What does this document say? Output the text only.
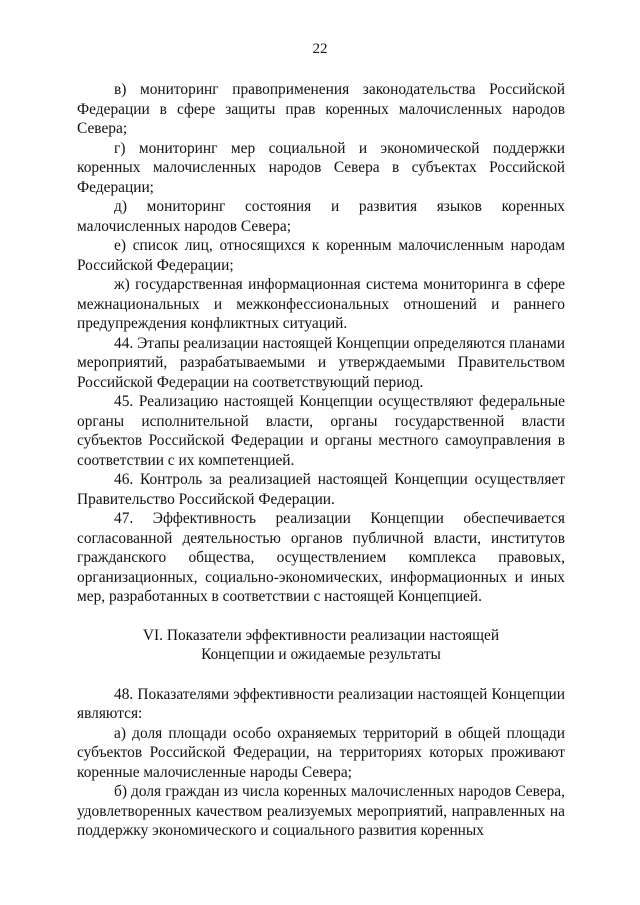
22

в) мониторинг правоприменения законодательства Российской Федерации в сфере защиты прав коренных малочисленных народов Севера;

г) мониторинг мер социальной и экономической поддержки коренных малочисленных народов Севера в субъектах Российской Федерации;

д) мониторинг состояния и развития языков коренных малочисленных народов Севера;

е) список лиц, относящихся к коренным малочисленным народам Российской Федерации;

ж) государственная информационная система мониторинга в сфере межнациональных и межконфессиональных отношений и раннего предупреждения конфликтных ситуаций.

44. Этапы реализации настоящей Концепции определяются планами мероприятий, разрабатываемыми и утверждаемыми Правительством Российской Федерации на соответствующий период.

45. Реализацию настоящей Концепции осуществляют федеральные органы исполнительной власти, органы государственной власти субъектов Российской Федерации и органы местного самоуправления в соответствии с их компетенцией.

46. Контроль за реализацией настоящей Концепции осуществляет Правительство Российской Федерации.

47. Эффективность реализации Концепции обеспечивается согласованной деятельностью органов публичной власти, институтов гражданского общества, осуществлением комплекса правовых, организационных, социально-экономических, информационных и иных мер, разработанных в соответствии с настоящей Концепцией.

VI. Показатели эффективности реализации настоящей
Концепции и ожидаемые результаты

48. Показателями эффективности реализации настоящей Концепции являются:

а) доля площади особо охраняемых территорий в общей площади субъектов Российской Федерации, на территориях которых проживают коренные малочисленные народы Севера;

б) доля граждан из числа коренных малочисленных народов Севера, удовлетворенных качеством реализуемых мероприятий, направленных на поддержку экономического и социального развития коренных
